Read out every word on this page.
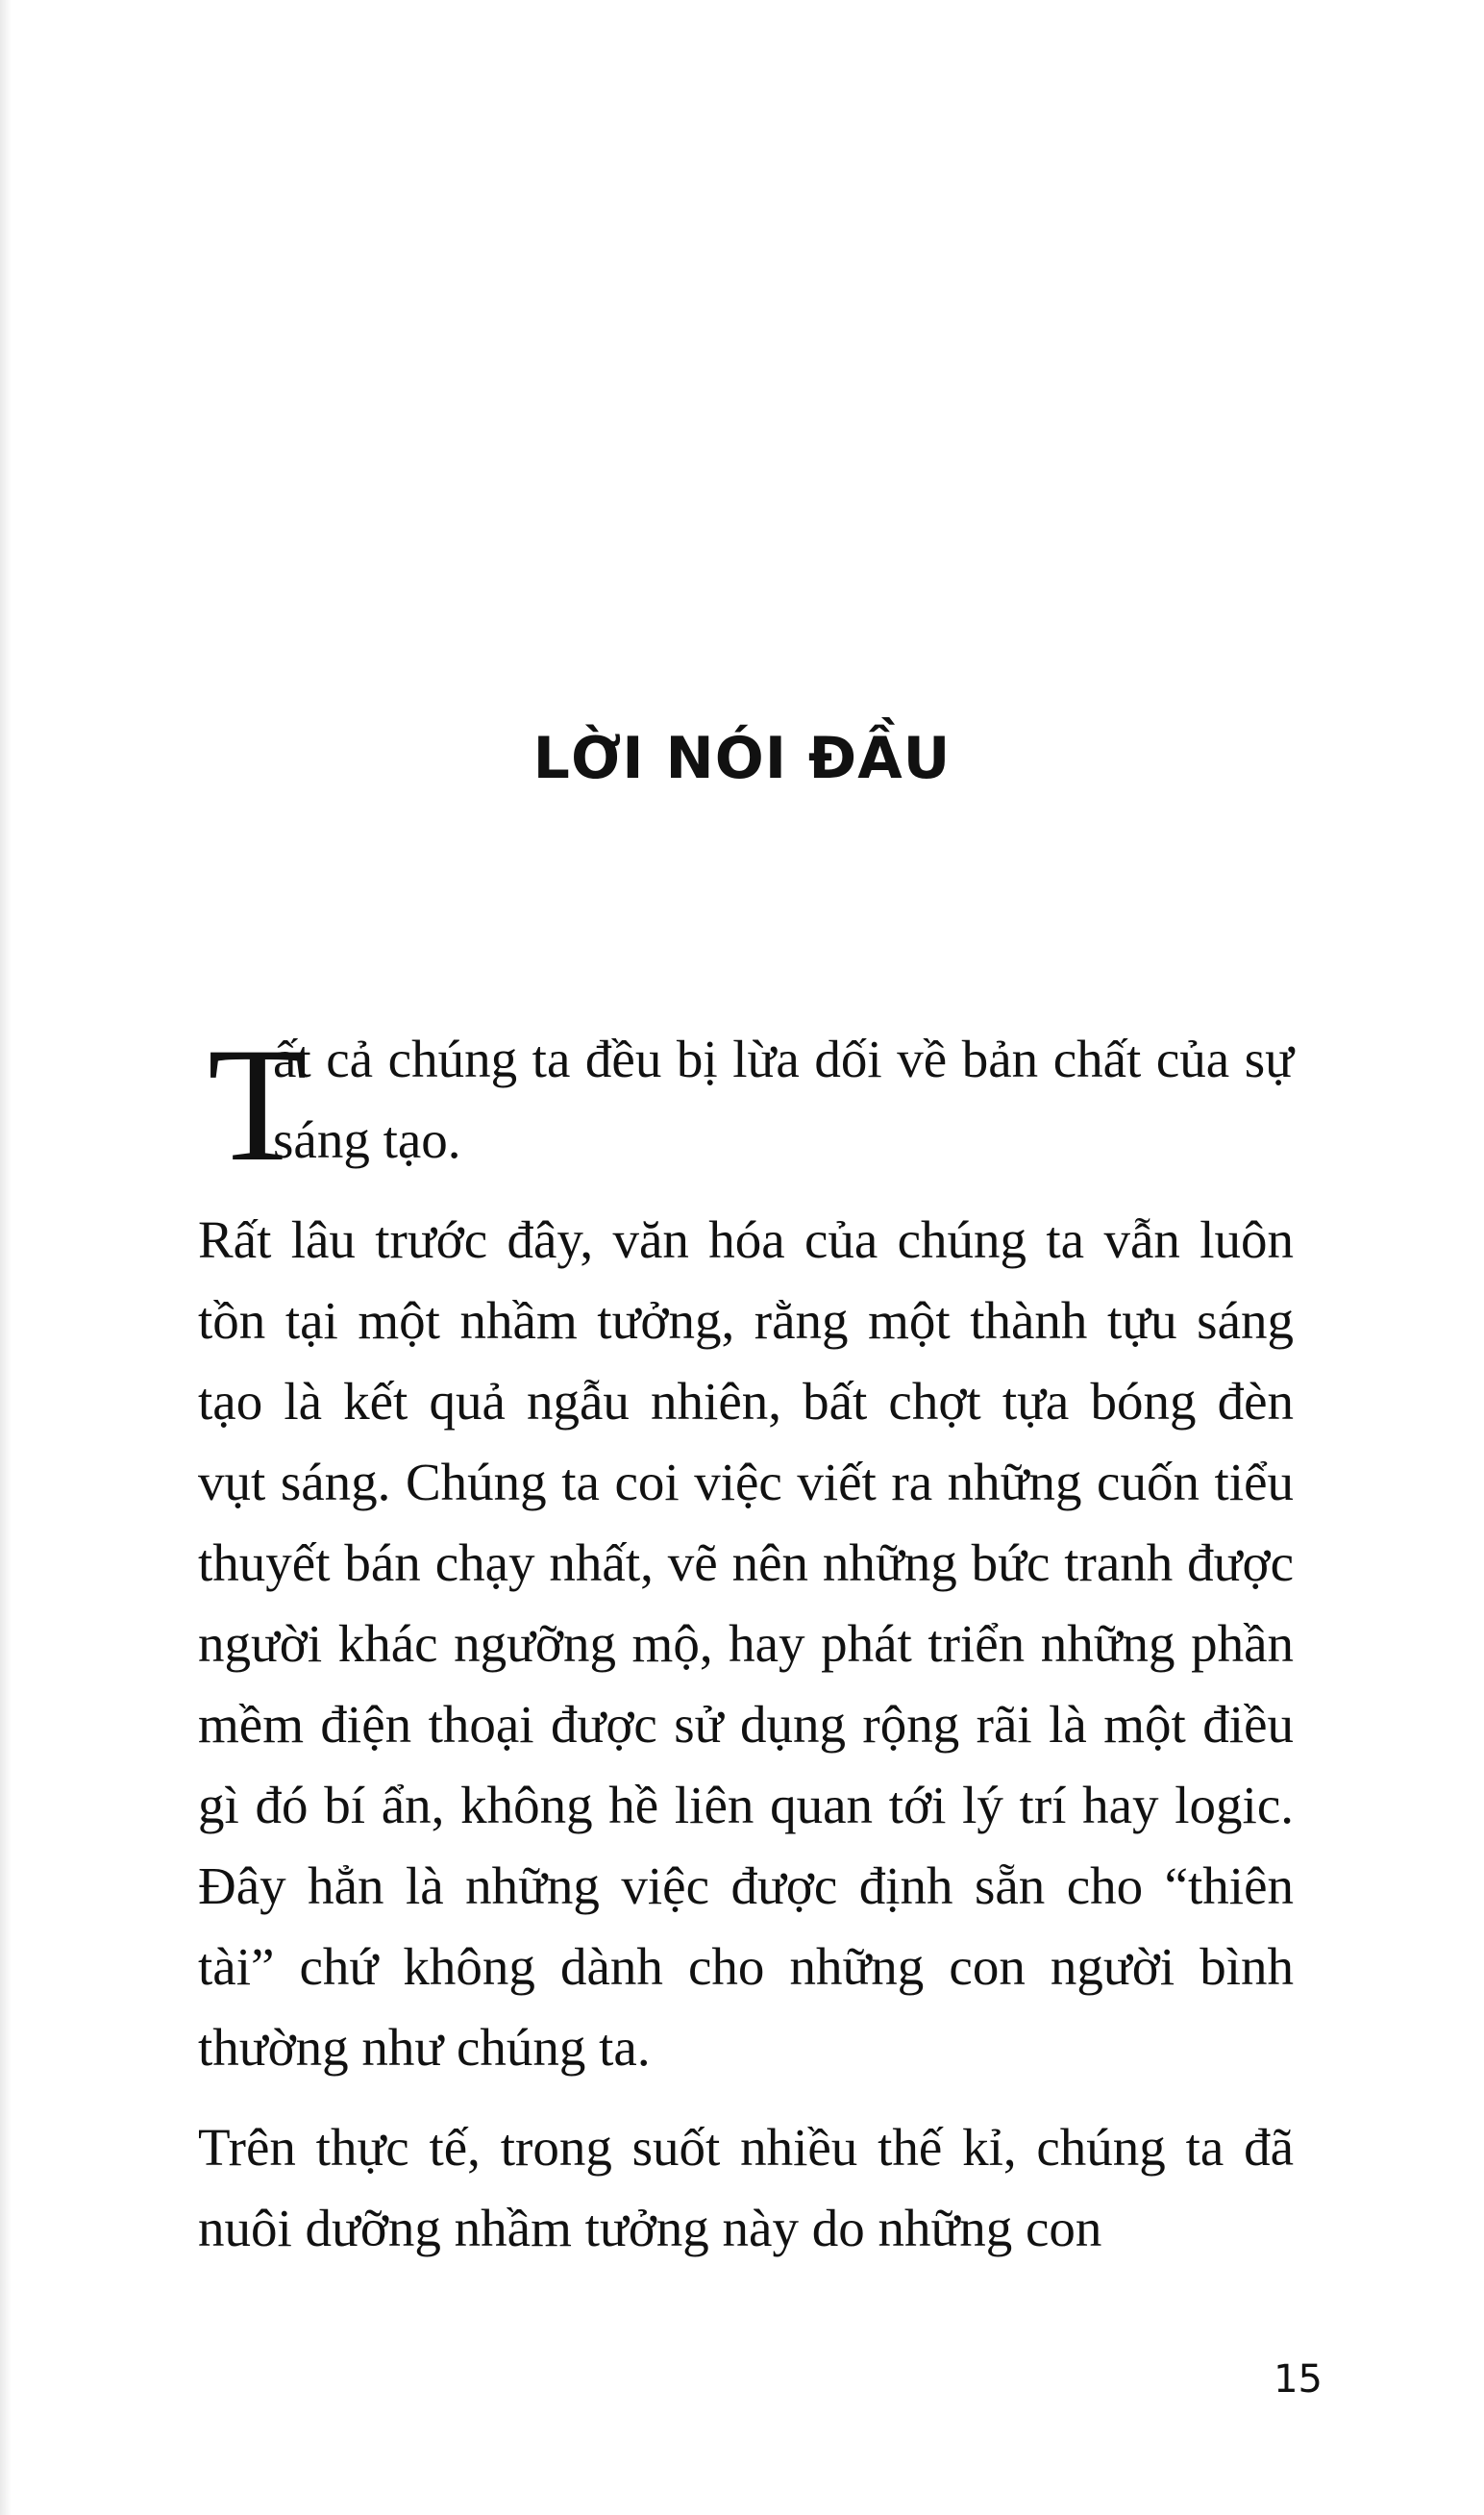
LỜI NÓI ĐẦU

T
ất cả chúng ta đều bị lừa dối về bản chất của sự sáng tạo.

Rất lâu trước đây, văn hóa của chúng ta vẫn luôn tồn tại một nhầm tưởng, rằng một thành tựu sáng tạo là kết quả ngẫu nhiên, bất chợt tựa bóng đèn vụt sáng. Chúng ta coi việc viết ra những cuốn tiểu thuyết bán chạy nhất, vẽ nên những bức tranh được người khác ngưỡng mộ, hay phát triển những phần mềm điện thoại được sử dụng rộng rãi là một điều gì đó bí ẩn, không hề liên quan tới lý trí hay logic. Đây hẳn là những việc được định sẵn cho “thiên tài” chứ không dành cho những con người bình thường như chúng ta.

Trên thực tế, trong suốt nhiều thế kỉ, chúng ta đã nuôi dưỡng nhầm tưởng này do những con

15
